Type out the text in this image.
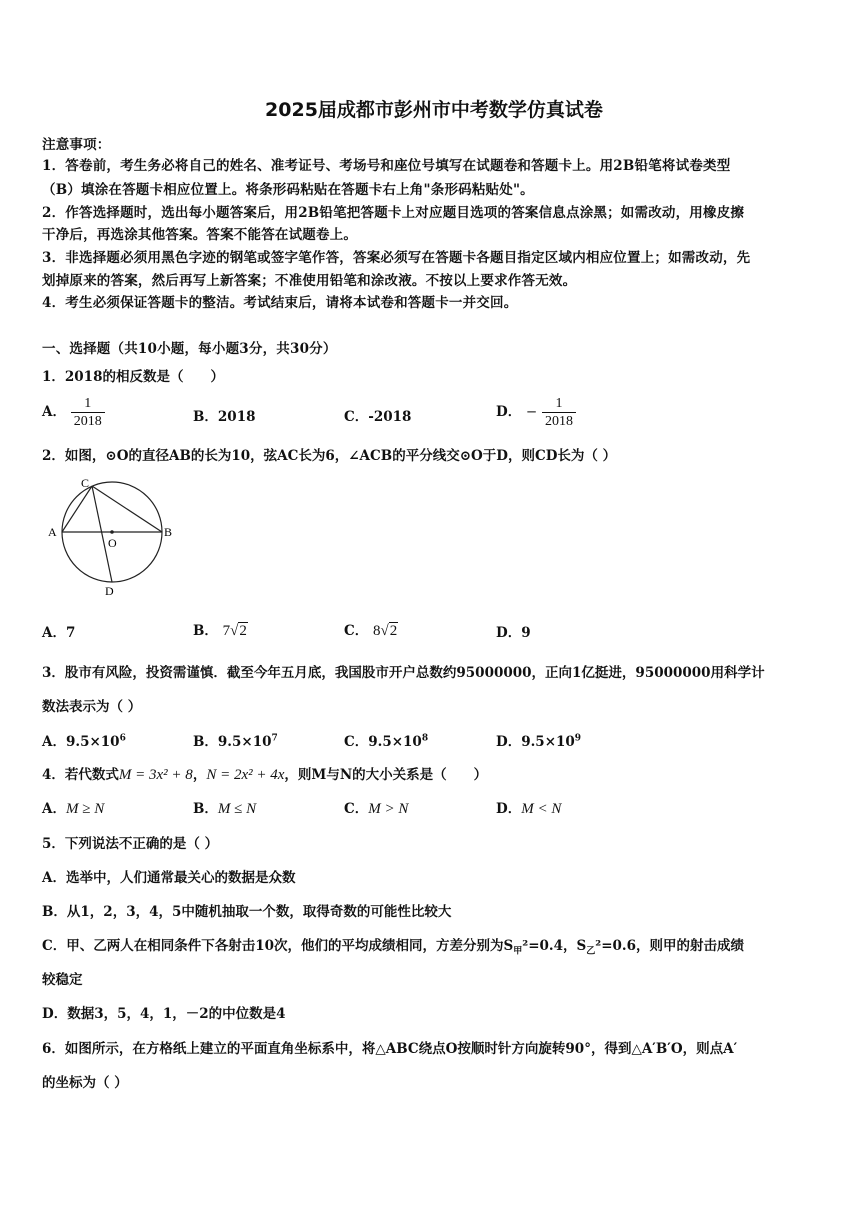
2025届成都市彭州市中考数学仿真试卷
注意事项：
1．答卷前，考生务必将自己的姓名、准考证号、考场号和座位号填写在试题卷和答题卡上。用2B铅笔将试卷类型
（B）填涂在答题卡相应位置上。将条形码粘贴在答题卡右上角"条形码粘贴处"。
2．作答选择题时，选出每小题答案后，用2B铅笔把答题卡上对应题目选项的答案信息点涂黑；如需改动，用橡皮擦
干净后，再选涂其他答案。答案不能答在试题卷上。
3．非选择题必须用黑色字迹的钢笔或签字笔作答，答案必须写在答题卡各题目指定区域内相应位置上；如需改动，先
划掉原来的答案，然后再写上新答案；不准使用铅笔和涂改液。不按以上要求作答无效。
4．考生必须保证答题卡的整洁。考试结束后，请将本试卷和答题卡一并交回。
一、选择题（共10小题，每小题3分，共30分）
1．2018的相反数是（　　）
A． $\frac{1}{2018}$	B．2018	C．-2018	D． − $\frac{1}{2018}$
2．如图，⊙O的直径AB的长为10，弦AC长为6，∠ACB的平分线交⊙O于D，则CD长为（ ）
C
A	B
O
D
A．7	B． 7√2	C． 8√2	D．9
3．股市有风险，投资需谨慎．截至今年五月底，我国股市开户总数约95000000，正向1亿挺进，95000000用科学计
数法表示为（ ）
A．$9.5\times 10^6$	B．$9.5\times 10^7$	C．$9.5\times 10^8$	D．$9.5\times 10^9$
4．若代数式M = 3x² + 8，N = 2x² + 4x，则M与N的大小关系是（　　）
A．M ≥ N	B．M ≤ N	C．M > N	D．M < N
5．下列说法不正确的是（ ）
A．选举中，人们通常最关心的数据是众数
B．从1，2，3，4，5中随机抽取一个数，取得奇数的可能性比较大
C．甲、乙两人在相同条件下各射击10次，他们的平均成绩相同，方差分别为$S_甲^2=0.4$，$S_乙^2=0.6$，则甲的射击成绩
较稳定
D．数据3，5，4，1，－2的中位数是4
6．如图所示，在方格纸上建立的平面直角坐标系中，将△ABC绕点O按顺时针方向旋转90°，得到△A′B′O，则点A′
的坐标为（ ）
